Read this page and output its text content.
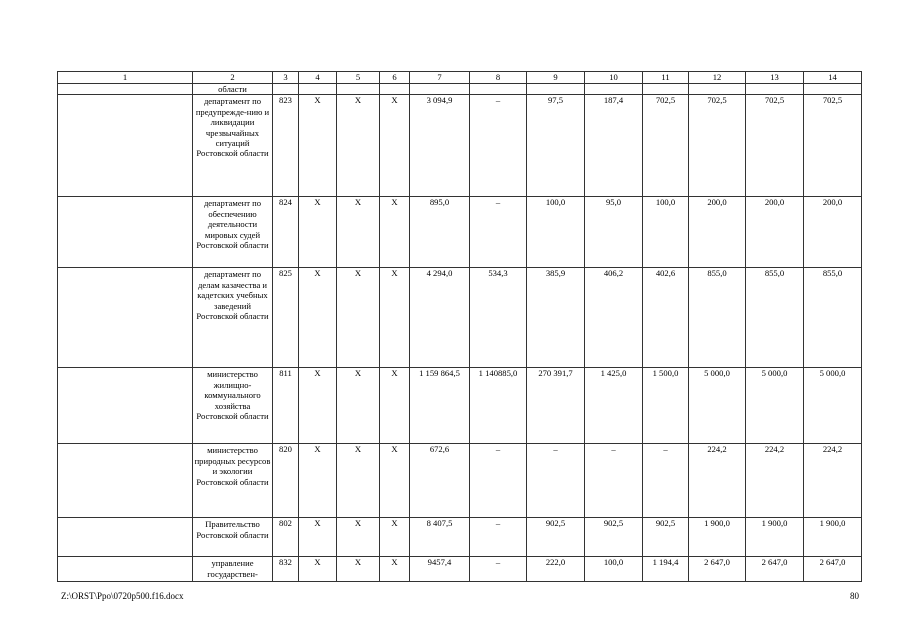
1	2	3	4	5	6	7	8	9	10	11	12	13	14
	области												
	департамент по предупрежде-нию и ликвидации чрезвычайных ситуаций Ростовской области	823	Х	Х	Х	3 094,9	–	97,5	187,4	702,5	702,5	702,5	702,5
	департамент по обеспечению деятельности мировых судей Ростовской области	824	Х	Х	Х	895,0	–	100,0	95,0	100,0	200,0	200,0	200,0
	департамент по делам казачества и кадетских учебных заведений Ростовской области	825	Х	Х	Х	4 294,0	534,3	385,9	406,2	402,6	855,0	855,0	855,0
	министерство жилищно-коммунального хозяйства Ростовской области	811	Х	Х	Х	1 159 864,5	1 140885,0	270 391,7	1 425,0	1 500,0	5 000,0	5 000,0	5 000,0
	министерство природных ресурсов и экологии Ростовской области	820	Х	Х	Х	672,6	–	–	–	–	224,2	224,2	224,2
	Правительство Ростовской области	802	Х	Х	Х	8 407,5	–	902,5	902,5	902,5	1 900,0	1 900,0	1 900,0
	управление государствен-	832	Х	Х	Х	9457,4	–	222,0	100,0	1 194,4	2 647,0	2 647,0	2 647,0
Z:\ORST\Ppo\0720p500.f16.docx	80
